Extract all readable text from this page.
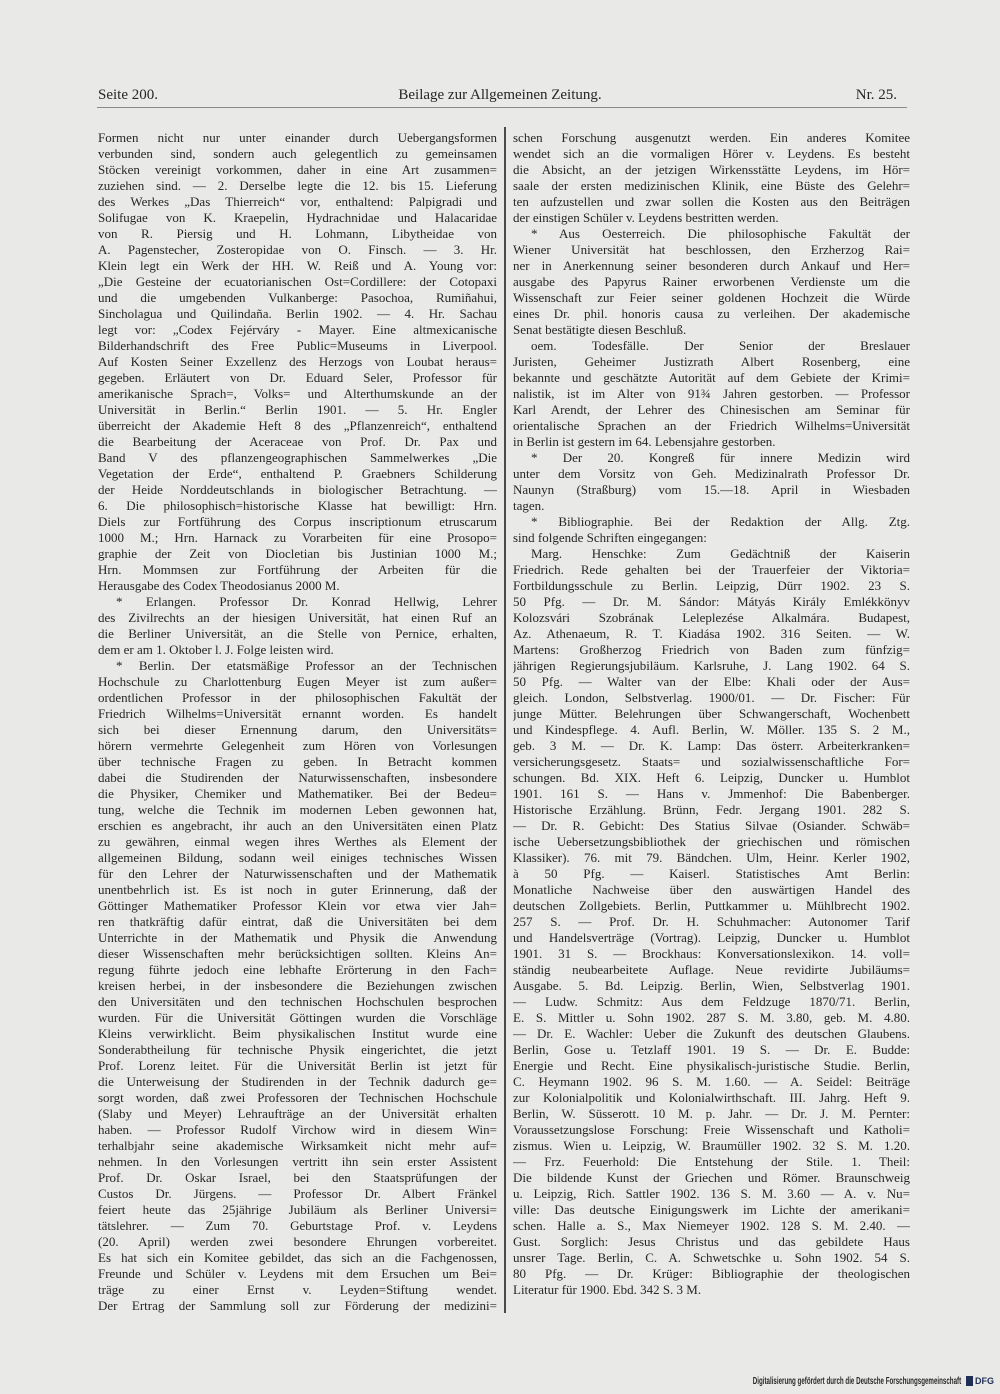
Seite 200.	Beilage zur Allgemeinen Zeitung.	Nr. 25.
Formen nicht nur unter einander durch Uebergangsformen
verbunden sind, sondern auch gelegentlich zu gemeinsamen
Stöcken vereinigt vorkommen, daher in eine Art zusammen=
zuziehen sind. — 2. Derselbe legte die 12. bis 15. Lieferung
des Werkes „Das Thierreich“ vor, enthaltend: Palpigradi und
Solifugae von K. Kraepelin, Hydrachnidae und Halacaridae
von R. Piersig und H. Lohmann, Libytheidae von
A. Pagenstecher, Zosteropidae von O. Finsch. — 3. Hr.
Klein legt ein Werk der HH. W. Reiß und A. Young vor:
„Die Gesteine der ecuatorianischen Ost=Cordillere: der Cotopaxi
und die umgebenden Vulkanberge: Pasochoa, Rumiñahui,
Sincholagua und Quilindaña. Berlin 1902. — 4. Hr. Sachau
legt vor: „Codex Fejérváry - Mayer. Eine altmexicanische
Bilderhandschrift des Free Public=Museums in Liverpool.
Auf Kosten Seiner Exzellenz des Herzogs von Loubat heraus=
gegeben. Erläutert von Dr. Eduard Seler, Professor für
amerikanische Sprach=, Volks= und Alterthumskunde an der
Universität in Berlin.“ Berlin 1901. — 5. Hr. Engler
überreicht der Akademie Heft 8 des „Pflanzenreich“, enthaltend
die Bearbeitung der Aceraceae von Prof. Dr. Pax und
Band V des pflanzengeographischen Sammelwerkes „Die
Vegetation der Erde“, enthaltend P. Graebners Schilderung
der Heide Norddeutschlands in biologischer Betrachtung. —
6. Die philosophisch=historische Klasse hat bewilligt: Hrn.
Diels zur Fortführung des Corpus inscriptionum etruscarum
1000 M.; Hrn. Harnack zu Vorarbeiten für eine Prosopo=
graphie der Zeit von Diocletian bis Justinian 1000 M.;
Hrn. Mommsen zur Fortführung der Arbeiten für die
Herausgabe des Codex Theodosianus 2000 M.
* Erlangen. Professor Dr. Konrad Hellwig, Lehrer
des Zivilrechts an der hiesigen Universität, hat einen Ruf an
die Berliner Universität, an die Stelle von Pernice, erhalten,
dem er am 1. Oktober l. J. Folge leisten wird.
* Berlin. Der etatsmäßige Professor an der Technischen
Hochschule zu Charlottenburg Eugen Meyer ist zum außer=
ordentlichen Professor in der philosophischen Fakultät der
Friedrich Wilhelms=Universität ernannt worden. Es handelt
sich bei dieser Ernennung darum, den Universitäts=
hörern vermehrte Gelegenheit zum Hören von Vorlesungen
über technische Fragen zu geben. In Betracht kommen
dabei die Studirenden der Naturwissenschaften, insbesondere
die Physiker, Chemiker und Mathematiker. Bei der Bedeu=
tung, welche die Technik im modernen Leben gewonnen hat,
erschien es angebracht, ihr auch an den Universitäten einen Platz
zu gewähren, einmal wegen ihres Werthes als Element der
allgemeinen Bildung, sodann weil einiges technisches Wissen
für den Lehrer der Naturwissenschaften und der Mathematik
unentbehrlich ist. Es ist noch in guter Erinnerung, daß der
Göttinger Mathematiker Professor Klein vor etwa vier Jah=
ren thatkräftig dafür eintrat, daß die Universitäten bei dem
Unterrichte in der Mathematik und Physik die Anwendung
dieser Wissenschaften mehr berücksichtigen sollten. Kleins An=
regung führte jedoch eine lebhafte Erörterung in den Fach=
kreisen herbei, in der insbesondere die Beziehungen zwischen
den Universitäten und den technischen Hochschulen besprochen
wurden. Für die Universität Göttingen wurden die Vorschläge
Kleins verwirklicht. Beim physikalischen Institut wurde eine
Sonderabtheilung für technische Physik eingerichtet, die jetzt
Prof. Lorenz leitet. Für die Universität Berlin ist jetzt für
die Unterweisung der Studirenden in der Technik dadurch ge=
sorgt worden, daß zwei Professoren der Technischen Hochschule
(Slaby und Meyer) Lehraufträge an der Universität erhalten
haben. — Professor Rudolf Virchow wird in diesem Win=
terhalbjahr seine akademische Wirksamkeit nicht mehr auf=
nehmen. In den Vorlesungen vertritt ihn sein erster Assistent
Prof. Dr. Oskar Israel, bei den Staatsprüfungen der
Custos Dr. Jürgens. — Professor Dr. Albert Fränkel
feiert heute das 25jährige Jubiläum als Berliner Universi=
tätslehrer. — Zum 70. Geburtstage Prof. v. Leydens
(20. April) werden zwei besondere Ehrungen vorbereitet.
Es hat sich ein Komitee gebildet, das sich an die Fachgenossen,
Freunde und Schüler v. Leydens mit dem Ersuchen um Bei=
träge zu einer Ernst v. Leyden=Stiftung wendet.
Der Ertrag der Sammlung soll zur Förderung der medizini=
schen Forschung ausgenutzt werden. Ein anderes Komitee
wendet sich an die vormaligen Hörer v. Leydens. Es besteht
die Absicht, an der jetzigen Wirkensstätte Leydens, im Hör=
saale der ersten medizinischen Klinik, eine Büste des Gelehr=
ten aufzustellen und zwar sollen die Kosten aus den Beiträgen
der einstigen Schüler v. Leydens bestritten werden.
* Aus Oesterreich. Die philosophische Fakultät der
Wiener Universität hat beschlossen, den Erzherzog Rai=
ner in Anerkennung seiner besonderen durch Ankauf und Her=
ausgabe des Papyrus Rainer erworbenen Verdienste um die
Wissenschaft zur Feier seiner goldenen Hochzeit die Würde
eines Dr. phil. honoris causa zu verleihen. Der akademische
Senat bestätigte diesen Beschluß.
oem. Todesfälle. Der Senior der Breslauer
Juristen, Geheimer Justizrath Albert Rosenberg, eine
bekannte und geschätzte Autorität auf dem Gebiete der Krimi=
nalistik, ist im Alter von 91¾ Jahren gestorben. — Professor
Karl Arendt, der Lehrer des Chinesischen am Seminar für
orientalische Sprachen an der Friedrich Wilhelms=Universität
in Berlin ist gestern im 64. Lebensjahre gestorben.
* Der 20. Kongreß für innere Medizin wird
unter dem Vorsitz von Geh. Medizinalrath Professor Dr.
Naunyn (Straßburg) vom 15.—18. April in Wiesbaden
tagen.
* Bibliographie. Bei der Redaktion der Allg. Ztg.
sind folgende Schriften eingegangen:
Marg. Henschke: Zum Gedächtniß der Kaiserin
Friedrich. Rede gehalten bei der Trauerfeier der Viktoria=
Fortbildungsschule zu Berlin. Leipzig, Dürr 1902. 23 S.
50 Pfg. — Dr. M. Sándor: Mátyás Király Emlékkönyv
Kolozsvári Szobrának Leleplezése Alkalmára. Budapest,
Az. Athenaeum, R. T. Kiadása 1902. 316 Seiten. — W.
Martens: Großherzog Friedrich von Baden zum fünfzig=
jährigen Regierungsjubiläum. Karlsruhe, J. Lang 1902. 64 S.
50 Pfg. — Walter van der Elbe: Khali oder der Aus=
gleich. London, Selbstverlag. 1900/01. — Dr. Fischer: Für
junge Mütter. Belehrungen über Schwangerschaft, Wochenbett
und Kindespflege. 4. Aufl. Berlin, W. Möller. 135 S. 2 M.,
geb. 3 M. — Dr. K. Lamp: Das österr. Arbeiterkranken=
versicherungsgesetz. Staats= und sozialwissenschaftliche For=
schungen. Bd. XIX. Heft 6. Leipzig, Duncker u. Humblot
1901. 161 S. — Hans v. Jmmenhof: Die Babenberger.
Historische Erzählung. Brünn, Fedr. Jergang 1901. 282 S.
— Dr. R. Gebicht: Des Statius Silvae (Osiander. Schwäb=
ische Uebersetzungsbibliothek der griechischen und römischen
Klassiker). 76. mit 79. Bändchen. Ulm, Heinr. Kerler 1902,
à 50 Pfg. — Kaiserl. Statistisches Amt Berlin:
Monatliche Nachweise über den auswärtigen Handel des
deutschen Zollgebiets. Berlin, Puttkammer u. Mühlbrecht 1902.
257 S. — Prof. Dr. H. Schuhmacher: Autonomer Tarif
und Handelsverträge (Vortrag). Leipzig, Duncker u. Humblot
1901. 31 S. — Brockhaus: Konversationslexikon. 14. voll=
ständig neubearbeitete Auflage. Neue revidirte Jubiläums=
Ausgabe. 5. Bd. Leipzig. Berlin, Wien, Selbstverlag 1901.
— Ludw. Schmitz: Aus dem Feldzuge 1870/71. Berlin,
E. S. Mittler u. Sohn 1902. 287 S. M. 3.80, geb. M. 4.80.
— Dr. E. Wachler: Ueber die Zukunft des deutschen Glaubens.
Berlin, Gose u. Tetzlaff 1901. 19 S. — Dr. E. Budde:
Energie und Recht. Eine physikalisch-juristische Studie. Berlin,
C. Heymann 1902. 96 S. M. 1.60. — A. Seidel: Beiträge
zur Kolonialpolitik und Kolonialwirthschaft. III. Jahrg. Heft 9.
Berlin, W. Süsserott. 10 M. p. Jahr. — Dr. J. M. Pernter:
Voraussetzungslose Forschung: Freie Wissenschaft und Katholi=
zismus. Wien u. Leipzig, W. Braumüller 1902. 32 S. M. 1.20.
— Frz. Feuerhold: Die Entstehung der Stile. 1. Theil:
Die bildende Kunst der Griechen und Römer. Braunschweig
u. Leipzig, Rich. Sattler 1902. 136 S. M. 3.60 — A. v. Nu=
ville: Das deutsche Einigungswerk im Lichte der amerikani=
schen. Halle a. S., Max Niemeyer 1902. 128 S. M. 2.40. —
Gust. Sorglich: Jesus Christus und das gebildete Haus
unsrer Tage. Berlin, C. A. Schwetschke u. Sohn 1902. 54 S.
80 Pfg. — Dr. Krüger: Bibliographie der theologischen
Literatur für 1900. Ebd. 342 S. 3 M.
Digitalisierung gefördert durch die Deutsche Forschungsgemeinschaft DFG
